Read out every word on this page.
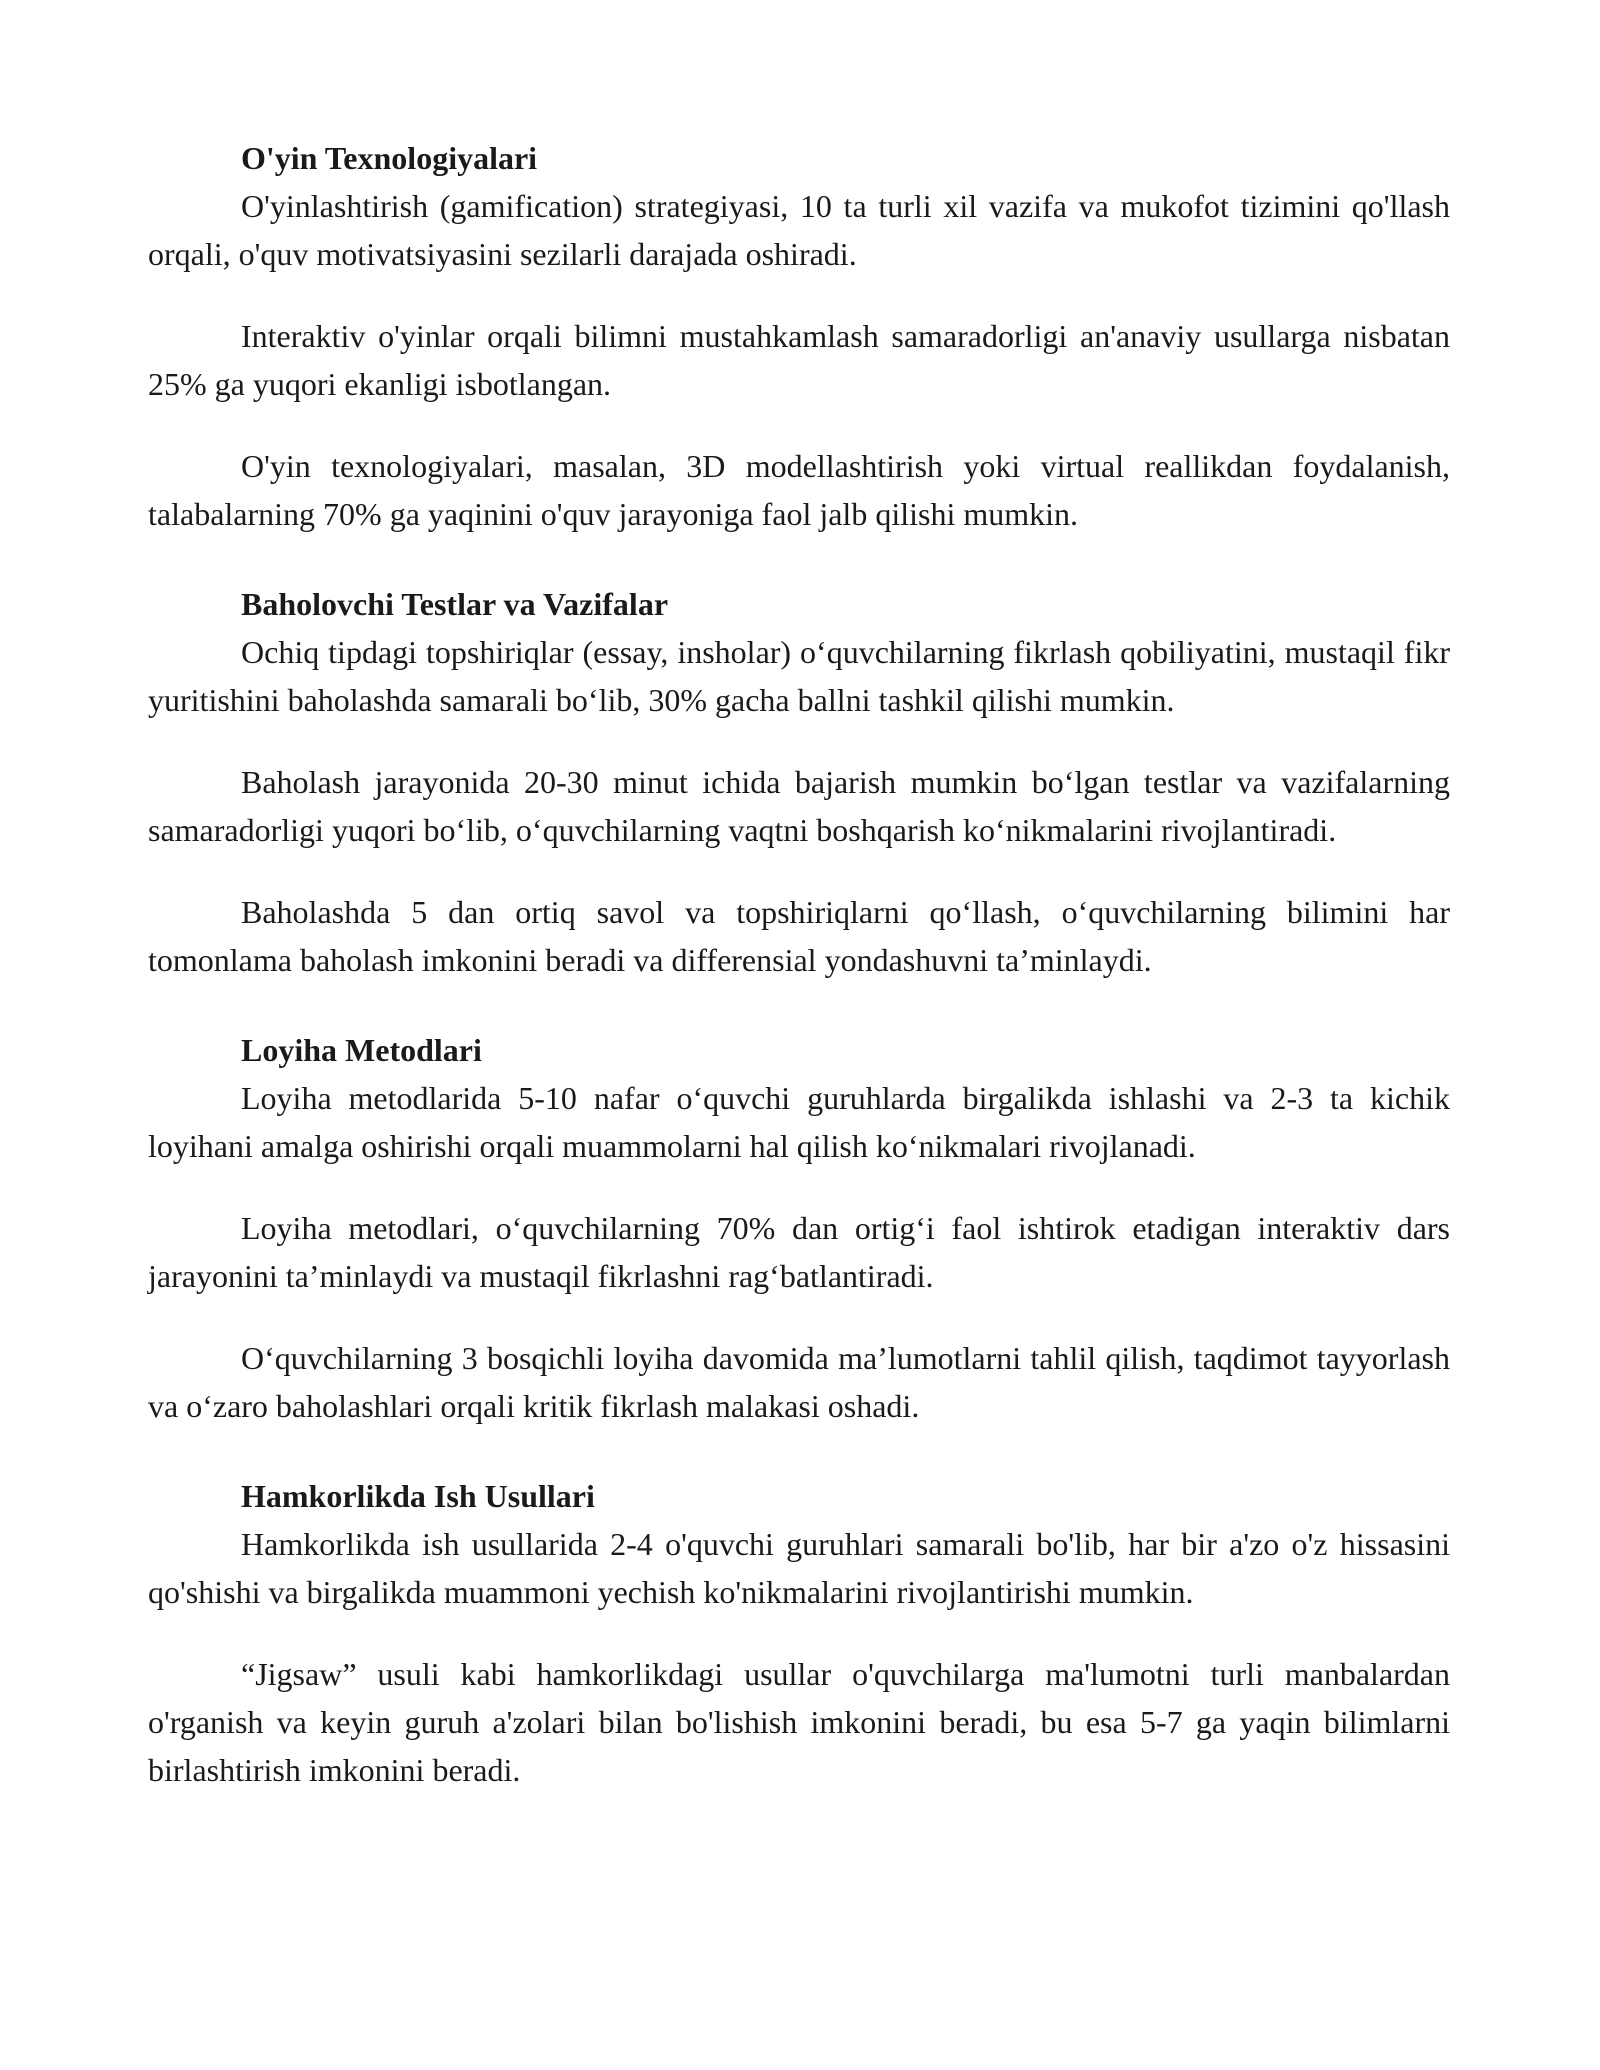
O'yin Texnologiyalari

O'yinlashtirish (gamification) strategiyasi, 10 ta turli xil vazifa va mukofot tizimini qo'llash orqali, o'quv motivatsiyasini sezilarli darajada oshiradi.

Interaktiv o'yinlar orqali bilimni mustahkamlash samaradorligi an'anaviy usullarga nisbatan 25% ga yuqori ekanligi isbotlangan.

O'yin texnologiyalari, masalan, 3D modellashtirish yoki virtual reallikdan foydalanish, talabalarning 70% ga yaqinini o'quv jarayoniga faol jalb qilishi mumkin.

Baholovchi Testlar va Vazifalar

Ochiq tipdagi topshiriqlar (essay, insholar) o‘quvchilarning fikrlash qobiliyatini, mustaqil fikr yuritishini baholashda samarali bo‘lib, 30% gacha ballni tashkil qilishi mumkin.

Baholash jarayonida 20-30 minut ichida bajarish mumkin bo‘lgan testlar va vazifalarning samaradorligi yuqori bo‘lib, o‘quvchilarning vaqtni boshqarish ko‘nikmalarini rivojlantiradi.

Baholashda 5 dan ortiq savol va topshiriqlarni qo‘llash, o‘quvchilarning bilimini har tomonlama baholash imkonini beradi va differensial yondashuvni ta’minlaydi.

Loyiha Metodlari

Loyiha metodlarida 5-10 nafar o‘quvchi guruhlarda birgalikda ishlashi va 2-3 ta kichik loyihani amalga oshirishi orqali muammolarni hal qilish ko‘nikmalari rivojlanadi.

Loyiha metodlari, o‘quvchilarning 70% dan ortig‘i faol ishtirok etadigan interaktiv dars jarayonini ta’minlaydi va mustaqil fikrlashni rag‘batlantiradi.

O‘quvchilarning 3 bosqichli loyiha davomida ma’lumotlarni tahlil qilish, taqdimot tayyorlash va o‘zaro baholashlari orqali kritik fikrlash malakasi oshadi.

Hamkorlikda Ish Usullari

Hamkorlikda ish usullarida 2-4 o'quvchi guruhlari samarali bo'lib, har bir a'zo o'z hissasini qo'shishi va birgalikda muammoni yechish ko'nikmalarini rivojlantirishi mumkin.

“Jigsaw” usuli kabi hamkorlikdagi usullar o'quvchilarga ma'lumotni turli manbalardan o'rganish va keyin guruh a'zolari bilan bo'lishish imkonini beradi, bu esa 5-7 ga yaqin bilimlarni birlashtirish imkonini beradi.
